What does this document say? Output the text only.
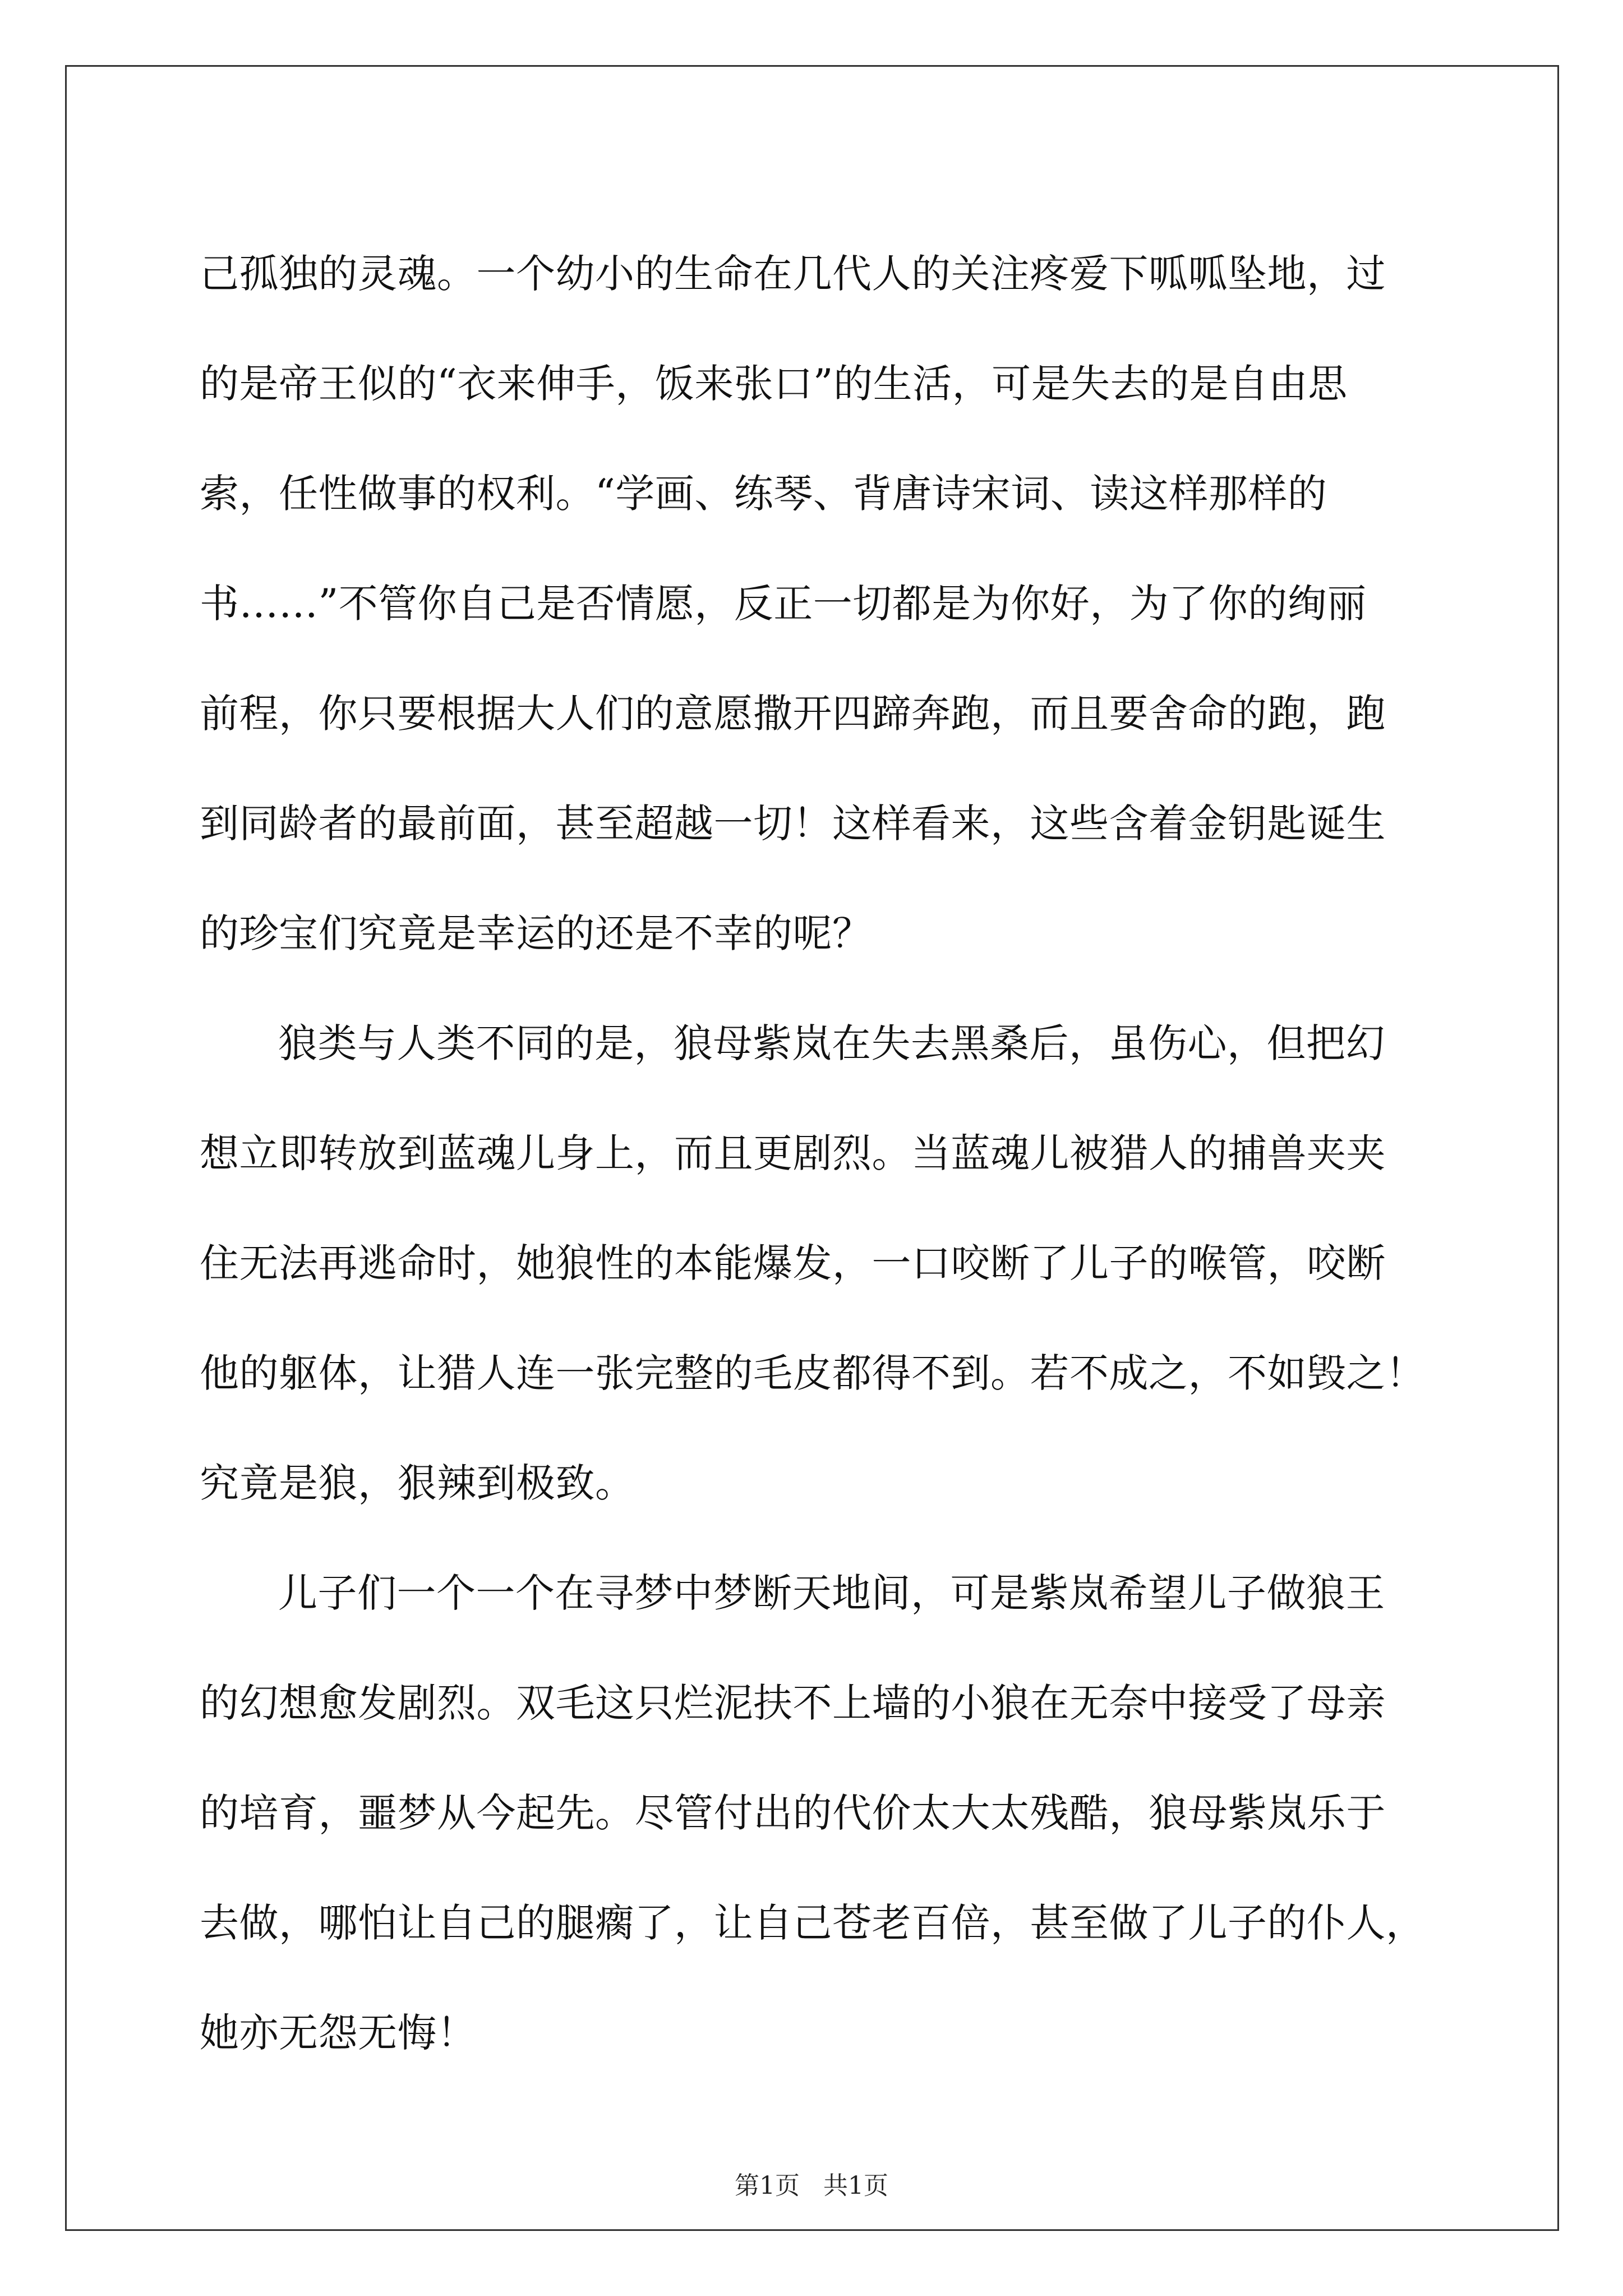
己孤独的灵魂。一个幼小的生命在几代人的关注疼爱下呱呱坠地，过
的是帝王似的“衣来伸手，饭来张口”的生活，可是失去的是自由思
索，任性做事的权利。“学画、练琴、背唐诗宋词、读这样那样的
书……”不管你自己是否情愿，反正一切都是为你好，为了你的绚丽
前程，你只要根据大人们的意愿撒开四蹄奔跑，而且要舍命的跑，跑
到同龄者的最前面，甚至超越一切！这样看来，这些含着金钥匙诞生
的珍宝们究竟是幸运的还是不幸的呢？
狼类与人类不同的是，狼母紫岚在失去黑桑后，虽伤心，但把幻
想立即转放到蓝魂儿身上，而且更剧烈。当蓝魂儿被猎人的捕兽夹夹
住无法再逃命时，她狼性的本能爆发，一口咬断了儿子的喉管，咬断
他的躯体，让猎人连一张完整的毛皮都得不到。若不成之，不如毁之！
究竟是狼，狠辣到极致。
儿子们一个一个在寻梦中梦断天地间，可是紫岚希望儿子做狼王
的幻想愈发剧烈。双毛这只烂泥扶不上墙的小狼在无奈中接受了母亲
的培育，噩梦从今起先。尽管付出的代价太大太残酷，狼母紫岚乐于
去做，哪怕让自己的腿瘸了，让自己苍老百倍，甚至做了儿子的仆人，
她亦无怨无悔！
第1页   共1页
